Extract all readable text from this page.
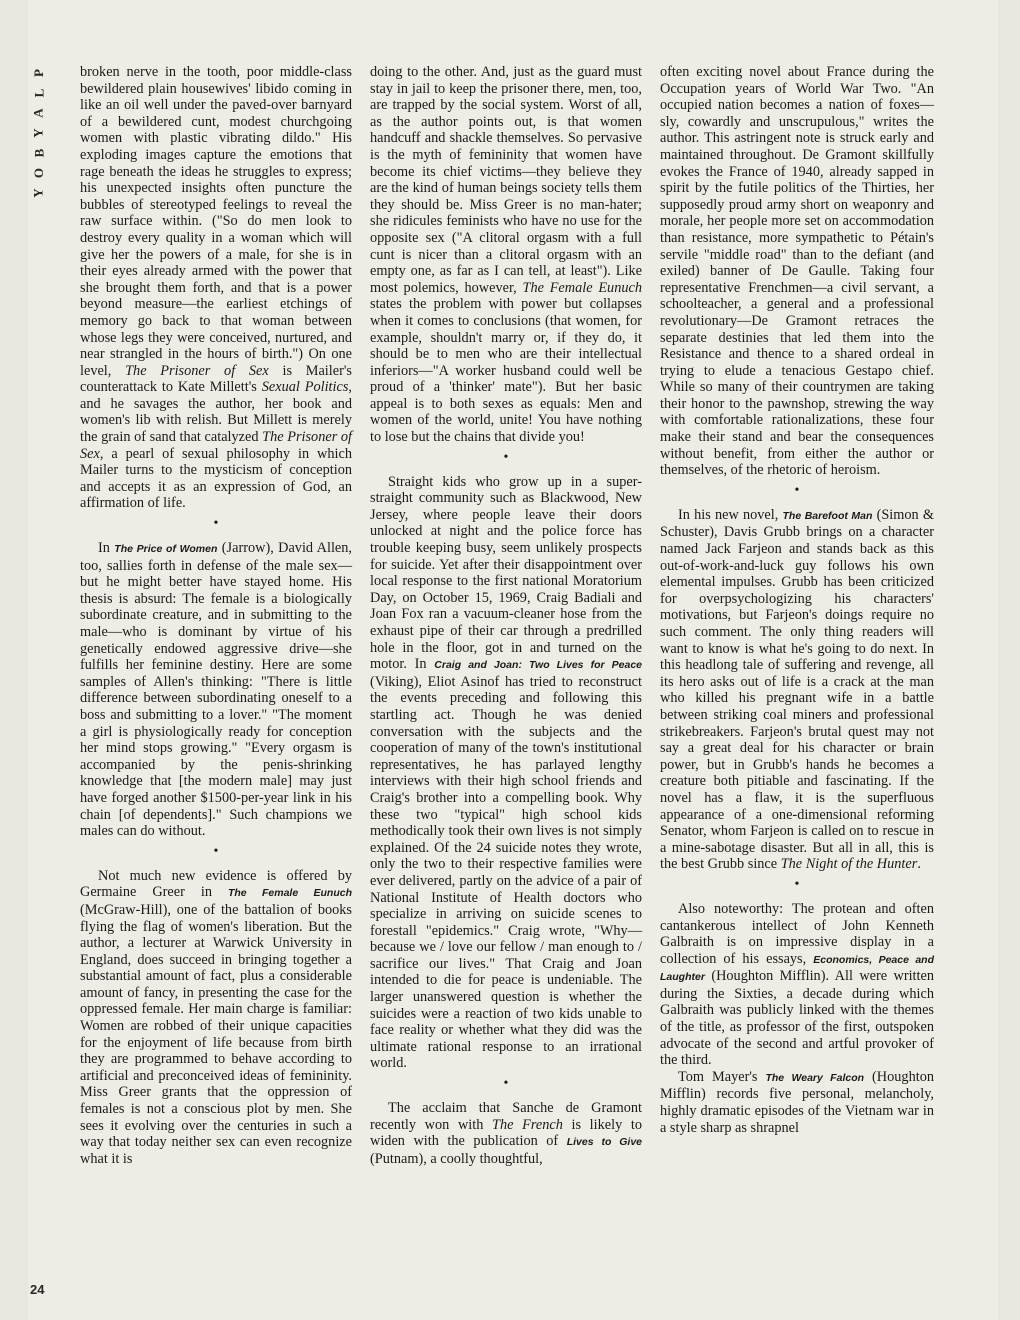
P
L
A
Y
B
O
Y
24

broken nerve in the tooth, poor middle-class bewildered plain housewives' libido coming in like an oil well under the paved-over barnyard of a bewildered cunt, modest churchgoing women with plastic vibrating dildo." His exploding images capture the emotions that rage beneath the ideas he struggles to express; his unexpected insights often puncture the bubbles of stereotyped feelings to reveal the raw surface within. ("So do men look to destroy every quality in a woman which will give her the powers of a male, for she is in their eyes already armed with the power that she brought them forth, and that is a power beyond measure—the earliest etchings of memory go back to that woman between whose legs they were conceived, nurtured, and near strangled in the hours of birth.") On one level, The Prisoner of Sex is Mailer's counterattack to Kate Millett's Sexual Politics, and he savages the author, her book and women's lib with relish. But Millett is merely the grain of sand that catalyzed The Prisoner of Sex, a pearl of sexual philosophy in which Mailer turns to the mysticism of conception and accepts it as an expression of God, an affirmation of life.

•

In The Price of Women (Jarrow), David Allen, too, sallies forth in defense of the male sex—but he might better have stayed home. His thesis is absurd: The female is a biologically subordinate creature, and in submitting to the male—who is dominant by virtue of his genetically endowed aggressive drive—she fulfills her feminine destiny. Here are some samples of Allen's thinking: "There is little difference between subordinating oneself to a boss and submitting to a lover." "The moment a girl is physiologically ready for conception her mind stops growing." "Every orgasm is accompanied by the penis-shrinking knowledge that [the modern male] may just have forged another $1500-per-year link in his chain [of dependents]." Such champions we males can do without.

•

Not much new evidence is offered by Germaine Greer in The Female Eunuch (McGraw-Hill), one of the battalion of books flying the flag of women's liberation. But the author, a lecturer at Warwick University in England, does succeed in bringing together a substantial amount of fact, plus a considerable amount of fancy, in presenting the case for the oppressed female. Her main charge is familiar: Women are robbed of their unique capacities for the enjoyment of life because from birth they are programmed to behave according to artificial and preconceived ideas of femininity. Miss Greer grants that the oppression of females is not a conscious plot by men. She sees it evolving over the centuries in such a way that today neither sex can even recognize what it is

doing to the other. And, just as the guard must stay in jail to keep the prisoner there, men, too, are trapped by the social system. Worst of all, as the author points out, is that women handcuff and shackle themselves. So pervasive is the myth of femininity that women have become its chief victims—they believe they are the kind of human beings society tells them they should be. Miss Greer is no man-hater; she ridicules feminists who have no use for the opposite sex ("A clitoral orgasm with a full cunt is nicer than a clitoral orgasm with an empty one, as far as I can tell, at least"). Like most polemics, however, The Female Eunuch states the problem with power but collapses when it comes to conclusions (that women, for example, shouldn't marry or, if they do, it should be to men who are their intellectual inferiors—"A worker husband could well be proud of a 'thinker' mate"). But her basic appeal is to both sexes as equals: Men and women of the world, unite! You have nothing to lose but the chains that divide you!

•

Straight kids who grow up in a super-straight community such as Blackwood, New Jersey, where people leave their doors unlocked at night and the police force has trouble keeping busy, seem unlikely prospects for suicide. Yet after their disappointment over local response to the first national Moratorium Day, on October 15, 1969, Craig Badiali and Joan Fox ran a vacuum-cleaner hose from the exhaust pipe of their car through a predrilled hole in the floor, got in and turned on the motor. In Craig and Joan: Two Lives for Peace (Viking), Eliot Asinof has tried to reconstruct the events preceding and following this startling act. Though he was denied conversation with the subjects and the cooperation of many of the town's institutional representatives, he has parlayed lengthy interviews with their high school friends and Craig's brother into a compelling book. Why these two "typical" high school kids methodically took their own lives is not simply explained. Of the 24 suicide notes they wrote, only the two to their respective families were ever delivered, partly on the advice of a pair of National Institute of Health doctors who specialize in arriving on suicide scenes to forestall "epidemics." Craig wrote, "Why—because we / love our fellow / man enough to / sacrifice our lives." That Craig and Joan intended to die for peace is undeniable. The larger unanswered question is whether the suicides were a reaction of two kids unable to face reality or whether what they did was the ultimate rational response to an irrational world.

•

The acclaim that Sanche de Gramont recently won with The French is likely to widen with the publication of Lives to Give (Putnam), a coolly thoughtful,

often exciting novel about France during the Occupation years of World War Two. "An occupied nation becomes a nation of foxes—sly, cowardly and unscrupulous," writes the author. This astringent note is struck early and maintained throughout. De Gramont skillfully evokes the France of 1940, already sapped in spirit by the futile politics of the Thirties, her supposedly proud army short on weaponry and morale, her people more set on accommodation than resistance, more sympathetic to Pétain's servile "middle road" than to the defiant (and exiled) banner of De Gaulle. Taking four representative Frenchmen—a civil servant, a schoolteacher, a general and a professional revolutionary—De Gramont retraces the separate destinies that led them into the Resistance and thence to a shared ordeal in trying to elude a tenacious Gestapo chief. While so many of their countrymen are taking their honor to the pawnshop, strewing the way with comfortable rationalizations, these four make their stand and bear the consequences without benefit, from either the author or themselves, of the rhetoric of heroism.

•

In his new novel, The Barefoot Man (Simon & Schuster), Davis Grubb brings on a character named Jack Farjeon and stands back as this out-of-work-and-luck guy follows his own elemental impulses. Grubb has been criticized for overpsychologizing his characters' motivations, but Farjeon's doings require no such comment. The only thing readers will want to know is what he's going to do next. In this headlong tale of suffering and revenge, all its hero asks out of life is a crack at the man who killed his pregnant wife in a battle between striking coal miners and professional strikebreakers. Farjeon's brutal quest may not say a great deal for his character or brain power, but in Grubb's hands he becomes a creature both pitiable and fascinating. If the novel has a flaw, it is the superfluous appearance of a one-dimensional reforming Senator, whom Farjeon is called on to rescue in a mine-sabotage disaster. But all in all, this is the best Grubb since The Night of the Hunter.

•

Also noteworthy: The protean and often cantankerous intellect of John Kenneth Galbraith is on impressive display in a collection of his essays, Economics, Peace and Laughter (Houghton Mifflin). All were written during the Sixties, a decade during which Galbraith was publicly linked with the themes of the title, as professor of the first, outspoken advocate of the second and artful provoker of the third.

Tom Mayer's The Weary Falcon (Houghton Mifflin) records five personal, melancholy, highly dramatic episodes of the Vietnam war in a style sharp as shrapnel
